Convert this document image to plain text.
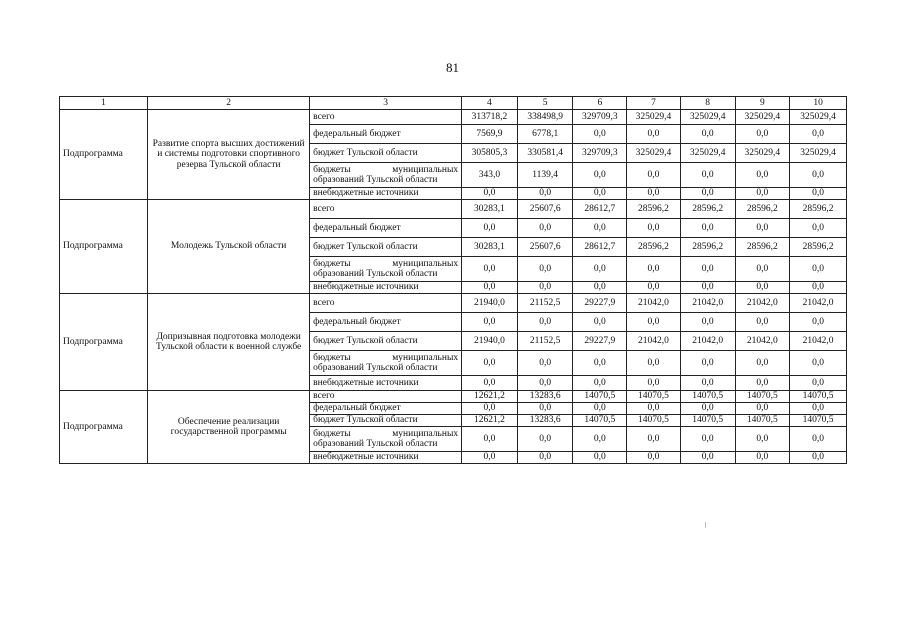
81
1	2	3	4	5	6	7	8	9	10
Подпрограмма	Развитие спорта высших достижений и системы подготовки спортивного резерва Тульской области	всего	313718,2	338498,9	329709,3	325029,4	325029,4	325029,4	325029,4
		федеральный бюджет	7569,9	6778,1	0,0	0,0	0,0	0,0	0,0
		бюджет Тульской области	305805,3	330581,4	329709,3	325029,4	325029,4	325029,4	325029,4
		бюджеты муниципальных образований Тульской области	343,0	1139,4	0,0	0,0	0,0	0,0	0,0
		внебюджетные источники	0,0	0,0	0,0	0,0	0,0	0,0	0,0
Подпрограмма	Молодежь Тульской области	всего	30283,1	25607,6	28612,7	28596,2	28596,2	28596,2	28596,2
		федеральный бюджет	0,0	0,0	0,0	0,0	0,0	0,0	0,0
		бюджет Тульской области	30283,1	25607,6	28612,7	28596,2	28596,2	28596,2	28596,2
		бюджеты муниципальных образований Тульской области	0,0	0,0	0,0	0,0	0,0	0,0	0,0
		внебюджетные источники	0,0	0,0	0,0	0,0	0,0	0,0	0,0
Подпрограмма	Допризывная подготовка молодежи Тульской области к военной службе	всего	21940,0	21152,5	29227,9	21042,0	21042,0	21042,0	21042,0
		федеральный бюджет	0,0	0,0	0,0	0,0	0,0	0,0	0,0
		бюджет Тульской области	21940,0	21152,5	29227,9	21042,0	21042,0	21042,0	21042,0
		бюджеты муниципальных образований Тульской области	0,0	0,0	0,0	0,0	0,0	0,0	0,0
		внебюджетные источники	0,0	0,0	0,0	0,0	0,0	0,0	0,0
Подпрограмма	Обеспечение реализации государственной программы	всего	12621,2	13283,6	14070,5	14070,5	14070,5	14070,5	14070,5
		федеральный бюджет	0,0	0,0	0,0	0,0	0,0	0,0	0,0
		бюджет Тульской области	12621,2	13283,6	14070,5	14070,5	14070,5	14070,5	14070,5
		бюджеты муниципальных образований Тульской области	0,0	0,0	0,0	0,0	0,0	0,0	0,0
		внебюджетные источники	0,0	0,0	0,0	0,0	0,0	0,0	0,0
